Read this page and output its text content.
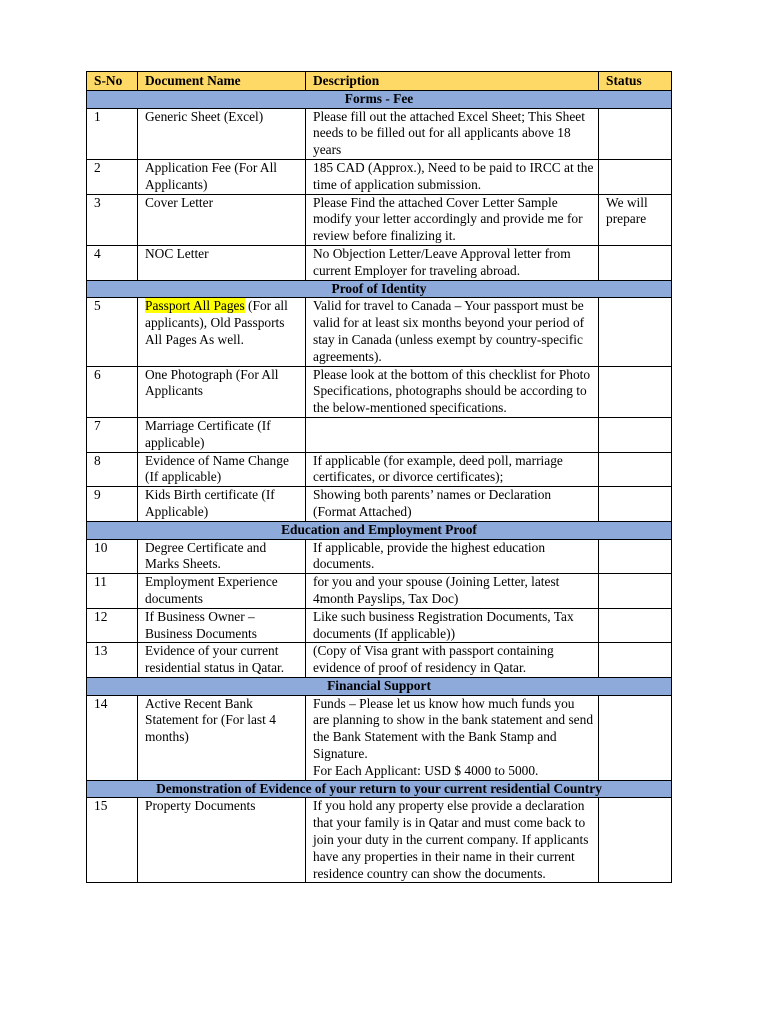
S-No	Document Name	Description	Status
Forms - Fee			
1	Generic Sheet (Excel)	Please fill out the attached Excel Sheet; This Sheet needs to be filled out for all applicants above 18 years	
2	Application Fee (For All Applicants)	185 CAD (Approx.), Need to be paid to IRCC at the time of application submission.	
3	Cover Letter	Please Find the attached Cover Letter Sample modify your letter accordingly and provide me for review before finalizing it.	We will prepare
4	NOC Letter	No Objection Letter/Leave Approval letter from current Employer for traveling abroad.	
Proof of Identity			
5	Passport All Pages (For all applicants), Old Passports All Pages As well.	Valid for travel to Canada – Your passport must be valid for at least six months beyond your period of stay in Canada (unless exempt by country-specific agreements).	
6	One Photograph (For All Applicants	Please look at the bottom of this checklist for Photo Specifications, photographs should be according to the below-mentioned specifications.	
7	Marriage Certificate (If applicable)		
8	Evidence of Name Change (If applicable)	If applicable (for example, deed poll, marriage certificates, or divorce certificates);	
9	Kids Birth certificate (If Applicable)	Showing both parents’ names or Declaration (Format Attached)	
Education and Employment Proof			
10	Degree Certificate and Marks Sheets.	If applicable, provide the highest education documents.	
11	Employment Experience documents	for you and your spouse (Joining Letter, latest 4month Payslips, Tax Doc)	
12	If Business Owner – Business Documents	Like such business Registration Documents, Tax documents (If applicable))	
13	Evidence of your current residential status in Qatar.	(Copy of Visa grant with passport containing evidence of proof of residency in Qatar.	
Financial Support			
14	Active Recent Bank Statement for (For last 4 months)	Funds – Please let us know how much funds you are planning to show in the bank statement and send the Bank Statement with the Bank Stamp and Signature.
For Each Applicant: USD $ 4000 to 5000.	

Demonstration of Evidence of your return to your current residential Country			
15	Property Documents	If you hold any property else provide a declaration that your family is in Qatar and must come back to join your duty in the current company. If applicants have any properties in their name in their current residence country can show the documents.	
